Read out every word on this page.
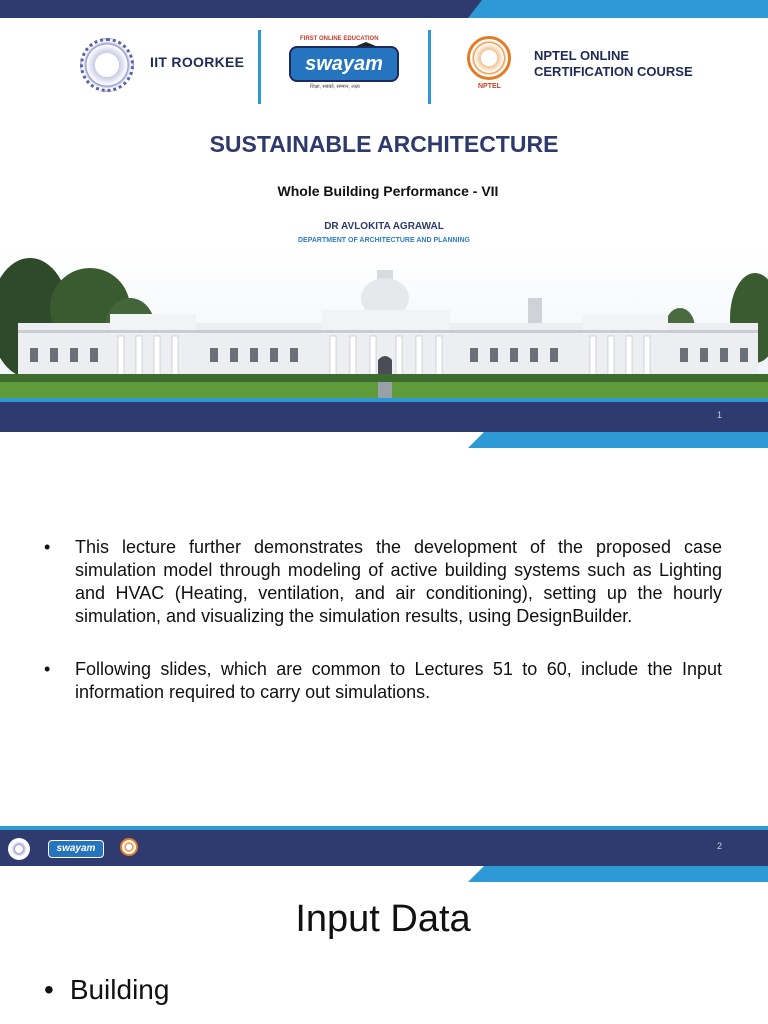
IIT ROORKEE
FIRST ONLINE EDUCATION
swayam
शिक्षा, सबको, सम्मान, लक्ष्य	NPTEL
NPTEL ONLINE
CERTIFICATION COURSE
SUSTAINABLE ARCHITECTURE
Whole Building Performance - VII
DR AVLOKITA AGRAWAL
DEPARTMENT OF ARCHITECTURE AND PLANNING
1
• This lecture further demonstrates the development of the proposed case simulation model through modeling of active building systems such as Lighting and HVAC (Heating, ventilation, and air conditioning), setting up the hourly simulation, and visualizing the simulation results, using DesignBuilder.
• Following slides, which are common to Lectures 51 to 60, include the Input information required to carry out simulations.
swayam	2
Input Data
• Building
